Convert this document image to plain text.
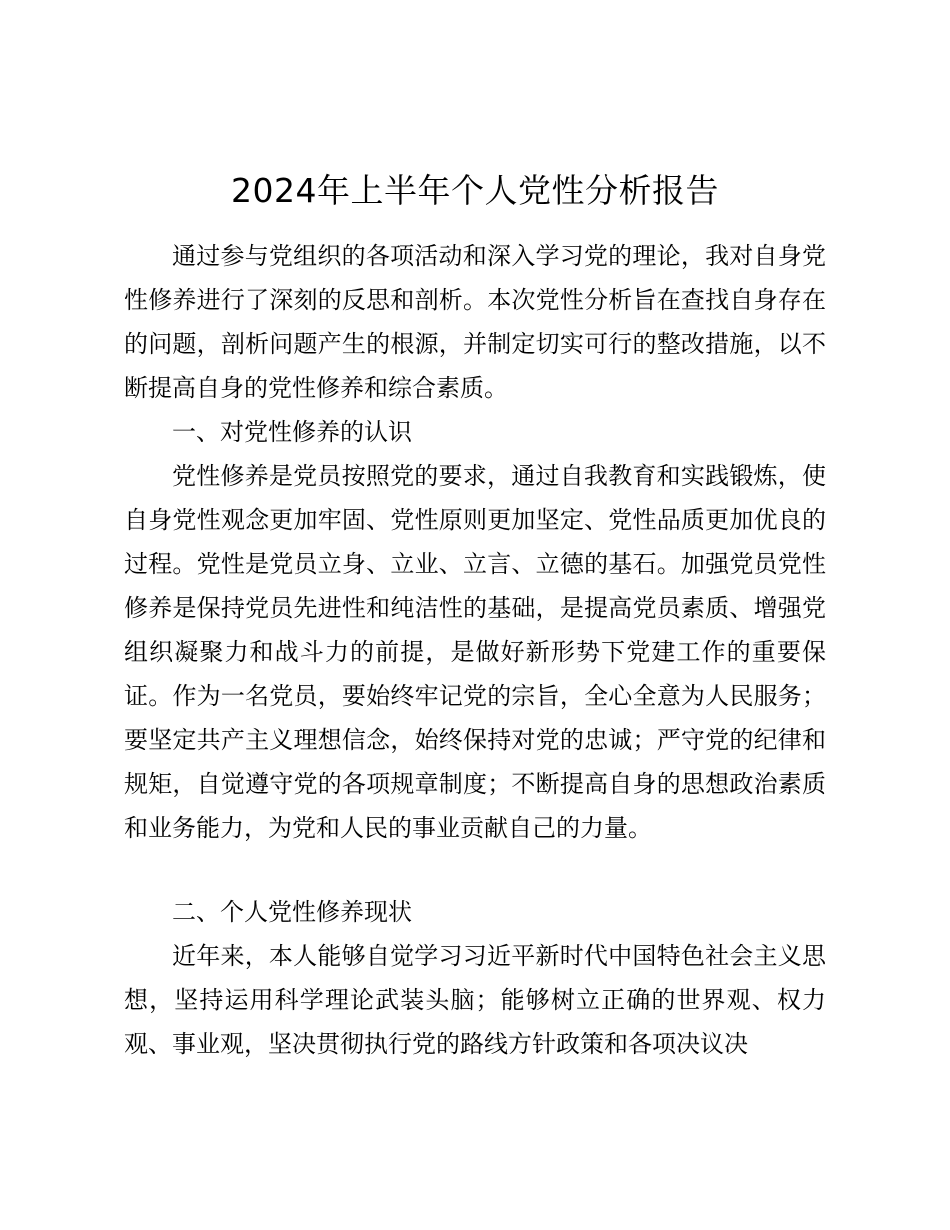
2024年上半年个人党性分析报告

通过参与党组织的各项活动和深入学习党的理论，我对自身党性修养进行了深刻的反思和剖析。本次党性分析旨在查找自身存在的问题，剖析问题产生的根源，并制定切实可行的整改措施，以不断提高自身的党性修养和综合素质。

一、对党性修养的认识

党性修养是党员按照党的要求，通过自我教育和实践锻炼，使自身党性观念更加牢固、党性原则更加坚定、党性品质更加优良的过程。党性是党员立身、立业、立言、立德的基石。加强党员党性修养是保持党员先进性和纯洁性的基础，是提高党员素质、增强党组织凝聚力和战斗力的前提，是做好新形势下党建工作的重要保证。作为一名党员，要始终牢记党的宗旨，全心全意为人民服务；要坚定共产主义理想信念，始终保持对党的忠诚；严守党的纪律和规矩，自觉遵守党的各项规章制度；不断提高自身的思想政治素质和业务能力，为党和人民的事业贡献自己的力量。

二、个人党性修养现状

近年来，本人能够自觉学习习近平新时代中国特色社会主义思想，坚持运用科学理论武装头脑；能够树立正确的世界观、权力观、事业观，坚决贯彻执行党的路线方针政策和各项决议决
